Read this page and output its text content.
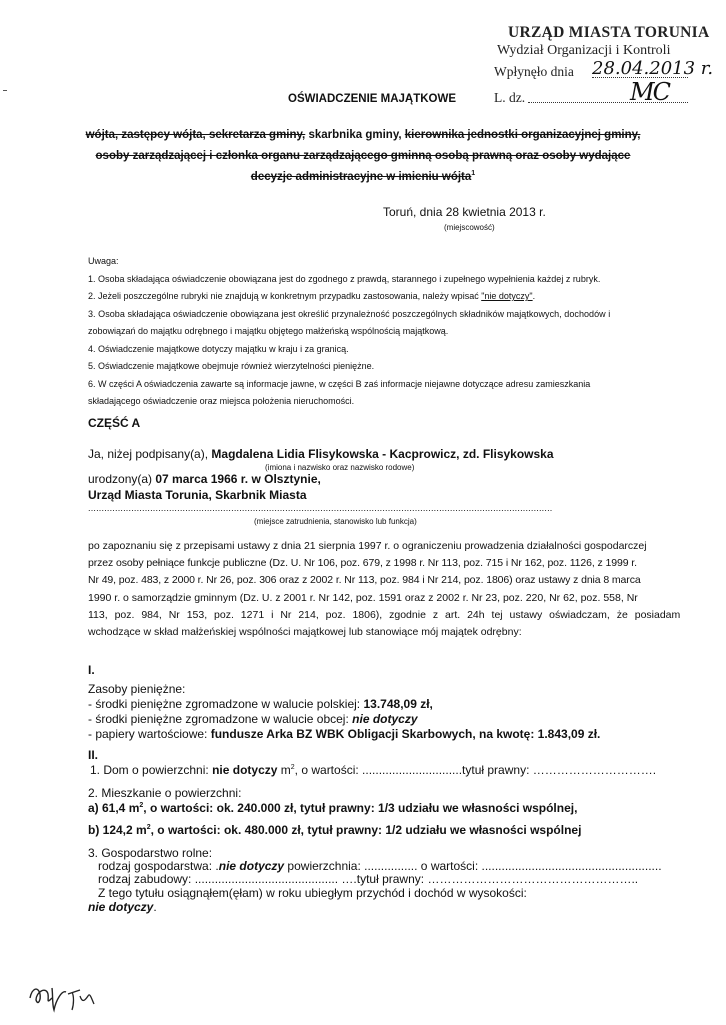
URZĄD MIASTA TORUNIA
Wydział Organizacji i Kontroli
Wpłynęło dnia 28.04.2013 r.
L. dz.	MC
OŚWIADCZENIE MAJĄTKOWE
wójta, zastępcy wójta, sekretarza gminy, skarbnika gminy, kierownika jednostki organizacyjnej gminy,
osoby zarządzającej i członka organu zarządzającego gminną osobą prawną oraz osoby wydające
decyzje administracyjne w imieniu wójta$^1$
Toruń, dnia 28 kwietnia 2013 r.
(miejscowość)

Uwaga:

1. Osoba składająca oświadczenie obowiązana jest do zgodnego z prawdą, starannego i zupełnego wypełnienia każdej z rubryk.

2. Jeżeli poszczególne rubryki nie znajdują w konkretnym przypadku zastosowania, należy wpisać "nie dotyczy".

3. Osoba składająca oświadczenie obowiązana jest określić przynależność poszczególnych składników majątkowych, dochodów i

zobowiązań do majątku odrębnego i majątku objętego małżeńską wspólnością majątkową.

4. Oświadczenie majątkowe dotyczy majątku w kraju i za granicą.

5. Oświadczenie majątkowe obejmuje również wierzytelności pieniężne.

6. W części A oświadczenia zawarte są informacje jawne, w części B zaś informacje niejawne dotyczące adresu zamieszkania

składającego oświadczenie oraz miejsca położenia nieruchomości.

CZĘŚĆ A
Ja, niżej podpisany(a), Magdalena Lidia Flisykowska - Kacprowicz, zd. Flisykowska
(imiona i nazwisko oraz nazwisko rodowe)
urodzony(a) 07 marca 1966 r. w Olsztynie,
Urząd Miasta Torunia, Skarbnik Miasta
............................................................................................................................................................................
(miejsce zatrudnienia, stanowisko lub funkcja)
po zapoznaniu się z przepisami ustawy z dnia 21 sierpnia 1997 r. o ograniczeniu prowadzenia działalności gospodarczej
przez osoby pełniące funkcje publiczne (Dz. U. Nr 106, poz. 679, z 1998 r. Nr 113, poz. 715 i Nr 162, poz. 1126, z 1999 r.
Nr 49, poz. 483, z 2000 r. Nr 26, poz. 306 oraz z 2002 r. Nr 113, poz. 984 i Nr 214, poz. 1806) oraz ustawy z dnia 8 marca
1990 r. o samorządzie gminnym (Dz. U. z 2001 r. Nr 142, poz. 1591 oraz z 2002 r. Nr 23, poz. 220, Nr 62, poz. 558, Nr
113, poz. 984, Nr 153, poz. 1271 i Nr 214, poz. 1806), zgodnie z art. 24h tej ustawy oświadczam, że posiadam
wchodzące w skład małżeńskiej wspólności majątkowej lub stanowiące mój majątek odrębny:
I.
Zasoby pieniężne:
- środki pieniężne zgromadzone w walucie polskiej: 13.748,09 zł,
- środki pieniężne zgromadzone w walucie obcej: nie dotyczy
- papiery wartościowe: fundusze Arka BZ WBK Obligacji Skarbowych, na kwotę: 1.843,09 zł.
II.
1. Dom o powierzchni: nie dotyczy $m^2$, o wartości: ..............................tytuł prawny: ………………………….
2. Mieszkanie o powierzchni:
a) 61,4 $m^2$, o wartości: ok. 240.000 zł, tytuł prawny: 1/3 udziału we własności wspólnej,
b) 124,2 $m^2$, o wartości: ok. 480.000 zł, tytuł prawny: 1/2 udziału we własności wspólnej
3. Gospodarstwo rolne:
rodzaj gospodarstwa: .nie dotyczy powierzchnia: ................ o wartości: ......................................................
rodzaj zabudowy: ........................................... ….tytuł prawny: ……………………………………………..
Z tego tytułu osiągnąłem(ęłam) w roku ubiegłym przychód i dochód w wysokości:
nie dotyczy.
